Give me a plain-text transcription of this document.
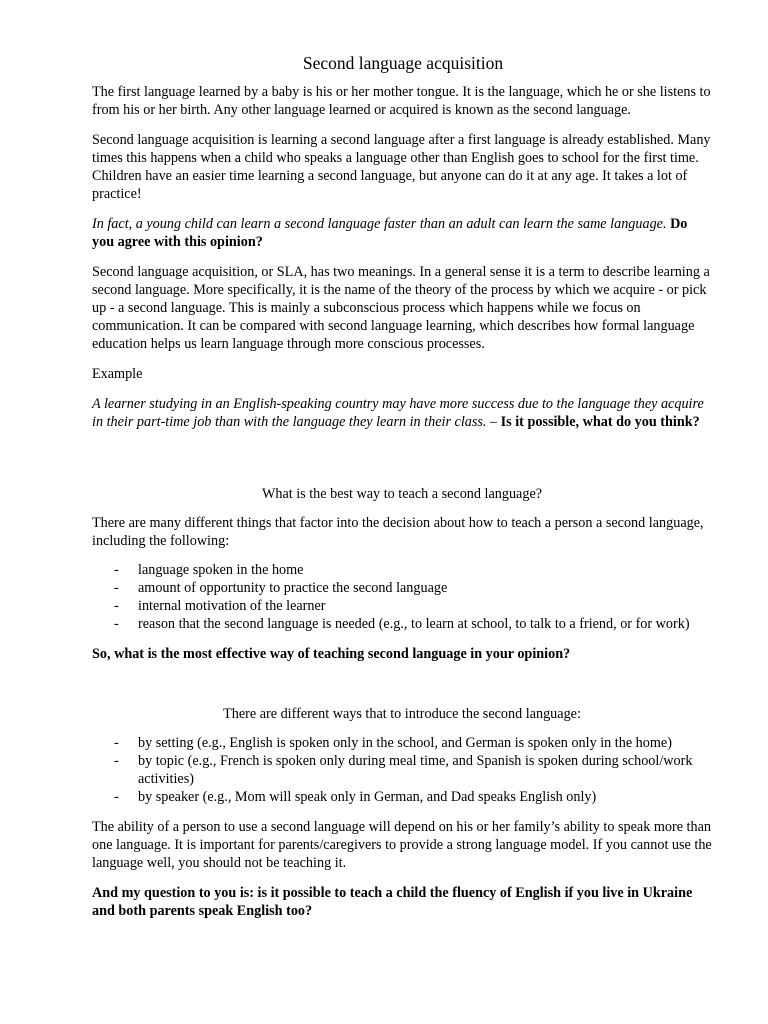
Second language acquisition

The first language learned by a baby is his or her mother tongue. It is the language, which he or she listens to from his or her birth. Any other language learned or acquired is known as the second language.

Second language acquisition is learning a second language after a first language is already established. Many times this happens when a child who speaks a language other than English goes to school for the first time. Children have an easier time learning a second language, but anyone can do it at any age. It takes a lot of practice!

In fact, a young child can learn a second language faster than an adult can learn the same language. Do you agree with this opinion?

Second language acquisition, or SLA, has two meanings. In a general sense it is a term to describe learning a second language. More specifically, it is the name of the theory of the process by which we acquire - or pick up - a second language. This is mainly a subconscious process which happens while we focus on communication. It can be compared with second language learning, which describes how formal language education helps us learn language through more conscious processes.

Example

A learner studying in an English-speaking country may have more success due to the language they acquire in their part-time job than with the language they learn in their class. – Is it possible, what do you think?

What is the best way to teach a second language?

There are many different things that factor into the decision about how to teach a person a second language, including the following:

- language spoken in the home
- amount of opportunity to practice the second language
- internal motivation of the learner
- reason that the second language is needed (e.g., to learn at school, to talk to a friend, or for work)

So, what is the most effective way of teaching second language in your opinion?

There are different ways that to introduce the second language:
- by setting (e.g., English is spoken only in the school, and German is spoken only in the home)
- by topic (e.g., French is spoken only during meal time, and Spanish is spoken during school/work activities)
- by speaker (e.g., Mom will speak only in German, and Dad speaks English only)

The ability of a person to use a second language will depend on his or her family’s ability to speak more than one language. It is important for parents/caregivers to provide a strong language model. If you cannot use the language well, you should not be teaching it.

And my question to you is: is it possible to teach a child the fluency of English if you live in Ukraine and both parents speak English too?
